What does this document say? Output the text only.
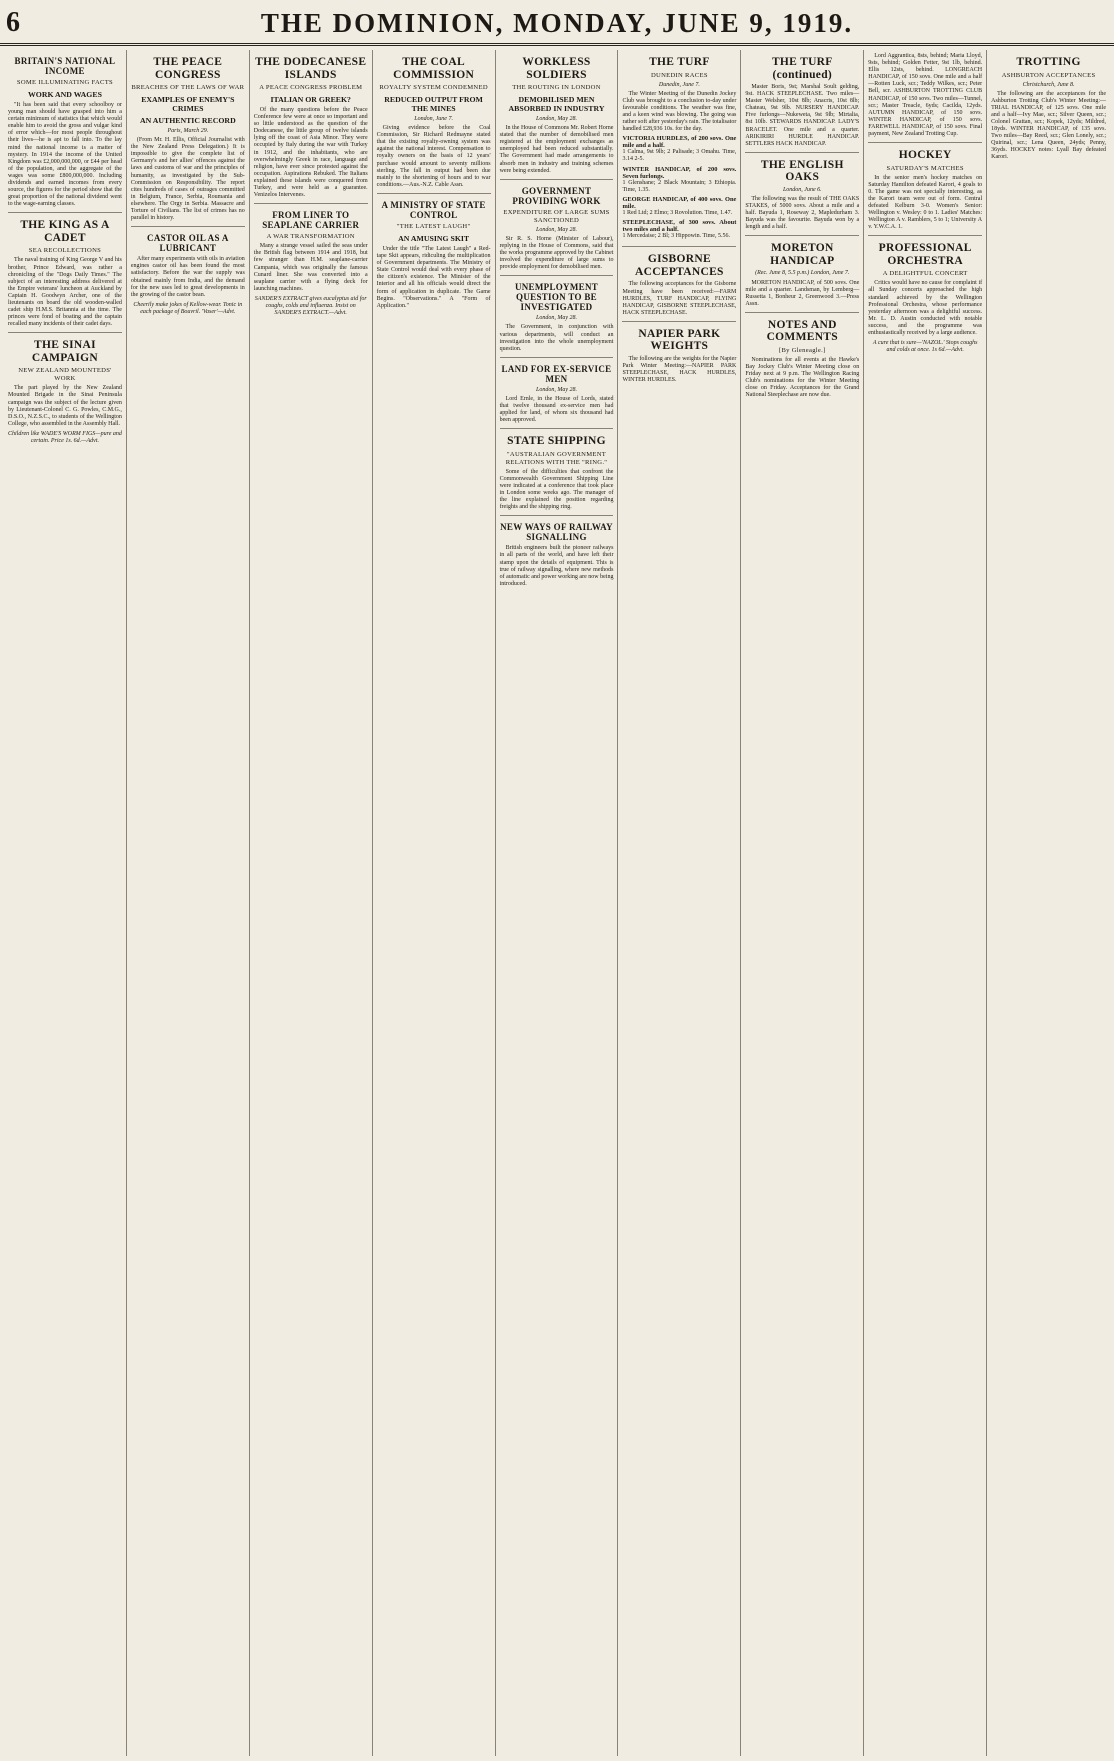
6	THE DOMINION, MONDAY, JUNE 9, 1919.
BRITAIN'S NATIONAL INCOME
SOME ILLUMINATING FACTS
WORK AND WAGES

"It has been said that every schoolboy or young man should have grasped into him a certain minimum of statistics that which would enable him to avoid the gross and vulgar kind of error which—for most people throughout their lives—he is apt to fall into. To the lay mind the national income is a matter of mystery. In 1914 the income of the United Kingdom was £2,000,000,000, or £44 per head of the population, and the aggregate of the wages was some £800,000,000. Including dividends and earned incomes from every source, the figures for the period show that the great proportion of the national dividend went to the wage-earning classes.

THE KING AS A CADET
SEA RECOLLECTIONS

The naval training of King George V and his brother, Prince Edward, was rather a chronicling of the "Dogs Daily Times." The subject of an interesting address delivered at the Empire veterans' luncheon at Auckland by Captain H. Goodwyn Archer, one of the lieutenants on board the old wooden-walled cadet ship H.M.S. Britannia at the time. The princes were fond of boating and the captain recalled many incidents of their cadet days.

THE SINAI CAMPAIGN
NEW ZEALAND MOUNTEDS' WORK

The part played by the New Zealand Mounted Brigade in the Sinai Peninsula campaign was the subject of the lecture given by Lieutenant-Colonel C. G. Powles, C.M.G., D.S.O., N.Z.S.C., to students of the Wellington College, who assembled in the Assembly Hall.

Children like WADE'S WORM FIGS—pure and certain. Price 1s. 6d.—Advt.
THE PEACE CONGRESS
BREACHES OF THE LAWS OF WAR
EXAMPLES OF ENEMY'S CRIMES
AN AUTHENTIC RECORD
Paris, March 29.

(From Mr. H. Ellis, Official Journalist with the New Zealand Press Delegation.) It is impossible to give the complete list of Germany's and her allies' offences against the laws and customs of war and the principles of humanity, as investigated by the Sub-Commission on Responsibility. The report cites hundreds of cases of outrages committed in Belgium, France, Serbia, Roumania and elsewhere. The Orgy in Serbia. Massacre and Torture of Civilians. The list of crimes has no parallel in history.

CASTOR OIL AS A LUBRICANT

After many experiments with oils in aviation engines castor oil has been found the most satisfactory. Before the war the supply was obtained mainly from India, and the demand for the new uses led to great developments in the growing of the castor bean.

Cheerily make jokes of Kellow-wear. Tonic in each package of Bouvril. 'Vaser'—Advt.
THE DODECANESE ISLANDS
A PEACE CONGRESS PROBLEM
ITALIAN OR GREEK?

Of the many questions before the Peace Conference few were at once so important and so little understood as the question of the Dodecanese, the little group of twelve islands lying off the coast of Asia Minor. They were occupied by Italy during the war with Turkey in 1912, and the inhabitants, who are overwhelmingly Greek in race, language and religion, have ever since protested against the occupation. Aspirations Rebuked. The Italians explained these islands were conquered from Turkey, and were held as a guarantee. Venizelos Intervenes.

FROM LINER TO SEAPLANE CARRIER
A WAR TRANSFORMATION

Many a strange vessel sailed the seas under the British flag between 1914 and 1918, but few stranger than H.M. seaplane-carrier Campania, which was originally the famous Cunard liner. She was converted into a seaplane carrier with a flying deck for launching machines.

SANDER'S EXTRACT gives eucalyptus aid for coughs, colds and influenza. Insist on SANDER'S EXTRACT.—Advt.
THE COAL COMMISSION
ROYALTY SYSTEM CONDEMNED
REDUCED OUTPUT FROM THE MINES
London, June 7.

Giving evidence before the Coal Commission, Sir Richard Redmayne stated that the existing royalty-owning system was against the national interest. Compensation to royalty owners on the basis of 12 years' purchase would amount to seventy millions sterling. The fall in output had been due mainly to the shortening of hours and to war conditions.—Aus.-N.Z. Cable Assn.

A MINISTRY OF STATE CONTROL
"THE LATEST LAUGH"
AN AMUSING SKIT

Under the title "The Latest Laugh" a Red-tape Skit appears, ridiculing the multiplication of Government departments. The Ministry of State Control would deal with every phase of the citizen's existence. The Minister of the Interior and all his officials would direct the form of application in duplicate. The Game Begins. "Observations." A "Form of Application."

WORKLESS SOLDIERS
THE ROUTING IN LONDON
DEMOBILISED MEN ABSORBED IN INDUSTRY
London, May 28.

In the House of Commons Mr. Robert Horne stated that the number of demobilised men registered at the employment exchanges as unemployed had been reduced substantially. The Government had made arrangements to absorb men in industry and training schemes were being extended.

GOVERNMENT PROVIDING WORK
EXPENDITURE OF LARGE SUMS SANCTIONED
London, May 28.

Sir R. S. Horne (Minister of Labour), replying in the House of Commons, said that the works programme approved by the Cabinet involved the expenditure of large sums to provide employment for demobilised men.

UNEMPLOYMENT QUESTION TO BE INVESTIGATED
London, May 28.

The Government, in conjunction with various departments, will conduct an investigation into the whole unemployment question.

LAND FOR EX-SERVICE MEN
London, May 28.

Lord Ernle, in the House of Lords, stated that twelve thousand ex-service men had applied for land, of whom six thousand had been approved.

STATE SHIPPING
"AUSTRALIAN GOVERNMENT RELATIONS WITH THE "RING."

Some of the difficulties that confront the Commonwealth Government Shipping Line were indicated at a conference that took place in London some weeks ago. The manager of the line explained the position regarding freights and the shipping ring.

NEW WAYS OF RAILWAY SIGNALLING

British engineers built the pioneer railways in all parts of the world, and have left their stamp upon the details of equipment. This is true of railway signalling, where new methods of automatic and power working are now being introduced.

THE TURF
DUNEDIN RACES
Dunedin, June 7.

The Winter Meeting of the Dunedin Jockey Club was brought to a conclusion to-day under favourable conditions. The weather was fine, and a keen wind was blowing. The going was rather soft after yesterday's rain. The totalisator handled £28,936 10s. for the day.

VICTORIA HURDLES, of 200 sovs. One mile and a half.
1 Calma, 9st 9lb; 2 Palisade; 3 Omahu. Time, 3.14 2-5.
WINTER HANDICAP, of 200 sovs. Seven furlongs.
1 Glenshane; 2 Black Mountain; 3 Ethiopia. Time, 1.35.
GEORGE HANDICAP, of 400 sovs. One mile.
1 Red Ltd; 2 Elmo; 3 Rovolution. Time, 1.47.
STEEPLECHASE, of 300 sovs. About two miles and a half.
1 Mercedaise; 2 Bl; 3 Hippowin. Time, 5.56.
GISBORNE ACCEPTANCES

The following acceptances for the Gisborne Meeting have been received:—FARM HURDLES, TURF HANDICAP, FLYING HANDICAP, GISBORNE STEEPLECHASE, HACK STEEPLECHASE.

NAPIER PARK WEIGHTS

The following are the weights for the Napier Park Winter Meeting:—NAPIER PARK STEEPLECHASE, HACK HURDLES, WINTER HURDLES.

THE TURF (continued)

Master Boris, 9st; Marshal Soult gelding, 9st. HACK STEEPLECHASE. Two miles—Master Welsher, 10st 8lb; Anacris, 10st 8lb; Chateau, 9st 9lb. NURSERY HANDICAP. Five furlongs—Nukeweta, 9st 9lb; Mirtalia, 8st 10lb. STEWARDS HANDICAP. LADY'S BRACELET. One mile and a quarter. ARIKIRIRI HURDLE HANDICAP. SETTLERS HACK HANDICAP.

THE ENGLISH OAKS
London, June 6.

The following was the result of THE OAKS STAKES, of 5000 sovs. About a mile and a half. Bayuda 1, Roseway 2, Mapledurham 3. Bayuda was the favourite. Bayuda won by a length and a half.

MORETON HANDICAP
(Rec. June 8, 5.5 p.m.) London, June 7.

MORETON HANDICAP, of 500 sovs. One mile and a quarter. Landsman, by Lemberg—Russetta 1, Bonheur 2, Greenwood 3.—Press Assn.

NOTES AND COMMENTS
[By Gleneagle.]

Nominations for all events at the Hawke's Bay Jockey Club's Winter Meeting close on Friday next at 9 p.m. The Wellington Racing Club's nominations for the Winter Meeting close on Friday. Acceptances for the Grand National Steeplechase are now due.

Lord Aggrantica, 8sts, behind; Maria Lloyd, 9sts, behind; Golden Fetter, 9st 1lb, behind. Ellis 12sts, behind. LONGREACH HANDICAP, of 150 sovs. One mile and a half—Rotten Luck, scr.; Teddy Wilkes, scr.; Peter Bell, scr. ASHBURTON TROTTING CLUB HANDICAP, of 150 sovs. Two miles—Tunnel, scr.; Master Treacle, 6yds; Cacilda, 12yds. AUTUMN HANDICAP, of 150 sovs. WINTER HANDICAP, of 150 sovs. FAREWELL HANDICAP, of 150 sovs. Final payment, New Zealand Trotting Cup.

HOCKEY
SATURDAY'S MATCHES

In the senior men's hockey matches on Saturday Hamilton defeated Karori, 4 goals to 0. The game was not specially interesting, as the Karori team were out of form. Central defeated Kelburn 3-0. Women's Senior: Wellington v. Wesley: 0 to 1. Ladies' Matches: Wellington A v. Ramblers, 5 to 1; University A v. Y.W.C.A. 1.

PROFESSIONAL ORCHESTRA
A DELIGHTFUL CONCERT

Critics would have no cause for complaint if all Sunday concerts approached the high standard achieved by the Wellington Professional Orchestra, whose performance yesterday afternoon was a delightful success. Mr. L. D. Austin conducted with notable success, and the programme was enthusiastically received by a large audience.

A cure that is sure—'NAZOL.' Stops coughs and colds at once. 1s 6d.—Advt.
TROTTING
ASHBURTON ACCEPTANCES
Christchurch, June 8.

The following are the acceptances for the Ashburton Trotting Club's Winter Meeting:—TRIAL HANDICAP, of 125 sovs. One mile and a half—Ivy Mae, scr.; Silver Queen, scr.; Colonel Grattan, scr.; Kopek, 12yds; Mildred, 18yds. WINTER HANDICAP, of 135 sovs. Two miles—Bay Reed, scr.; Glen Lonely, scr.; Quirinal, scr.; Lena Queen, 24yds; Penny, 36yds. HOCKEY notes: Lyall Bay defeated Karori.
